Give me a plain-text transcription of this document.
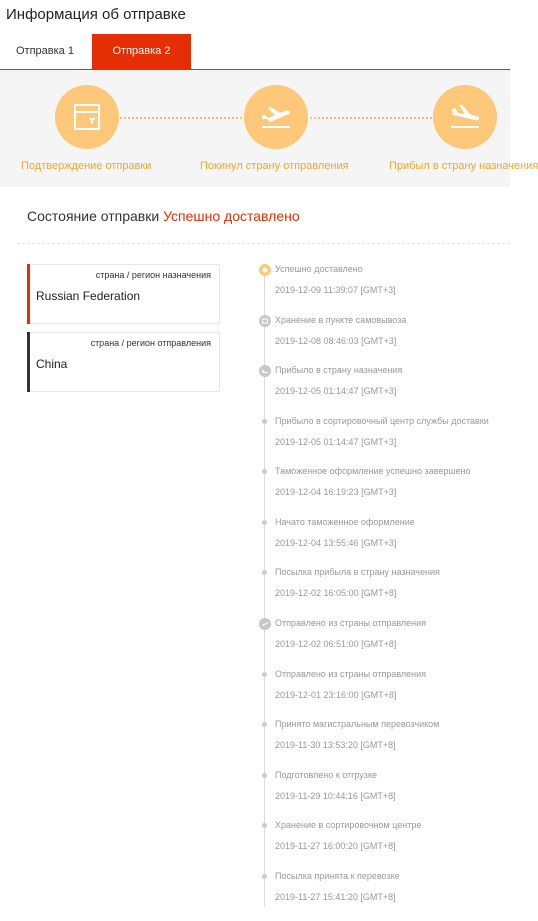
Информация об отправке
Отправка 1	Отправка 2
Подтверждение отправки	Покинул страну отправления	Прибыл в страну назначения
Состояние отправки Успешно доставлено
страна / регион назначения
Russian Federation
страна / регион отправления
China
Успешно доставлено
2019-12-09 11:39:07 [GMT+3]
Хранение в пункте самовывоза
2019-12-08 08:46:03 [GMT+3]
Прибыло в страну назначения
2019-12-05 01:14:47 [GMT+3]
Прибыло в сортировочный центр службы доставки
2019-12-05 01:14:47 [GMT+3]
Таможенное оформление успешно завершено
2019-12-04 16:19:23 [GMT+3]
Начато таможенное оформление
2019-12-04 13:55:46 [GMT+3]
Посылка прибыла в страну назначения
2019-12-02 16:05:00 [GMT+8]
Отправлено из страны отправления
2019-12-02 06:51:00 [GMT+8]
Отправлено из страны отправления
2019-12-01 23:16:00 [GMT+8]
Принято магистральным перевозчиком
2019-11-30 13:53:20 [GMT+8]
Подготовлено к отгрузке
2019-11-29 10:44:16 [GMT+8]
Хранение в сортировочном центре
2019-11-27 16:00:20 [GMT+8]
Посылка принята к перевозке
2019-11-27 15:41:20 [GMT+8]
